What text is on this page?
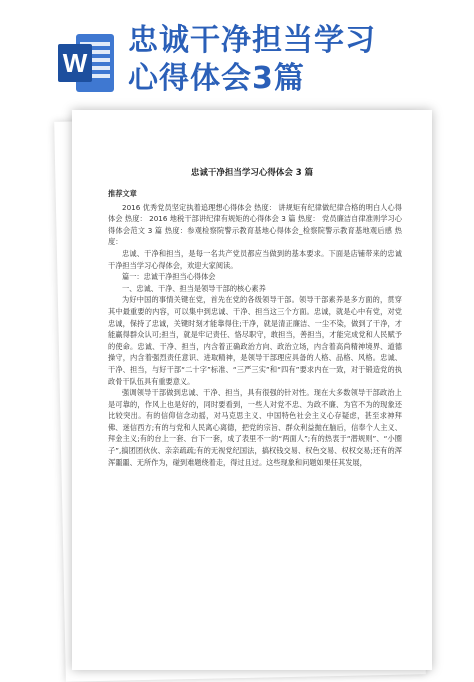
W
忠诚干净担当学习
心得体会3篇
忠诚干净担当学习心得体会 3 篇

推荐文章

2016 优秀党员坚定执着追理想心得体会 热度： 讲规矩有纪律做纪律合格的明白人心得体会 热度： 2016 地税干部讲纪律有规矩的心得体会 3 篇 热度： 党员廉洁自律准则学习心得体会范文 3 篇 热度：参观检察院警示教育基地心得体会_检察院警示教育基地观后感 热度：

忠诚、干净和担当，是每一名共产党员都应当做到的基本要求。下面是店铺带来的忠诚干净担当学习心得体会，欢迎大家阅读。

篇一：忠诚干净担当心得体会

一、忠诚、干净、担当是领导干部的核心素养

为好中国的事情关键在党，首先在党的各级领导干部。领导干部素养是多方面的，贯穿其中最重要的内容，可以集中到忠诚、干净、担当这三个方面。忠诚，就是心中有党，对党忠诚，保持了忠诚，关键时刻才能靠得住;干净，就是清正廉洁、一尘不染，做到了干净，才能赢得群众认可;担当，就是牢记责任、恪尽职守，敢担当，善担当，才能完成党和人民赋予的使命。忠诚、干净、担当，内含着正确政治方向、政治立场，内含着高尚精神境界、道德操守，内含着强烈责任意识、进取精神，是领导干部理应具备的人格、品格、风格。忠诚、干净、担当，与好干部“二十字”标准、“三严三实”和“四有”要求内在一致，对于锻造党的执政骨干队伍具有重要意义。

强调领导干部做到忠诚、干净、担当，具有很强的针对性。现在大多数领导干部政治上是可靠的，作风上也是好的，同时要看到，一些人对党不忠、为政不廉、为官不为的现象还比较突出。有的信仰信念动摇，对马克思主义、中国特色社会主义心存疑虑，甚至求神拜佛、迷信西方;有的与党和人民离心离德，把党的宗旨、群众利益抛在脑后，信奉个人主义、拜金主义;有的台上一套、台下一套，成了表里不一的“两面人”;有的热衷于“潜规则”、“小圈子”,搞团团伙伙、亲亲疏疏;有的无视党纪国法，搞权钱交易、权色交易、权权交易;还有的浑浑噩噩、无所作为，碰到难题绕着走，得过且过。这些现象和问题如果任其发展，
